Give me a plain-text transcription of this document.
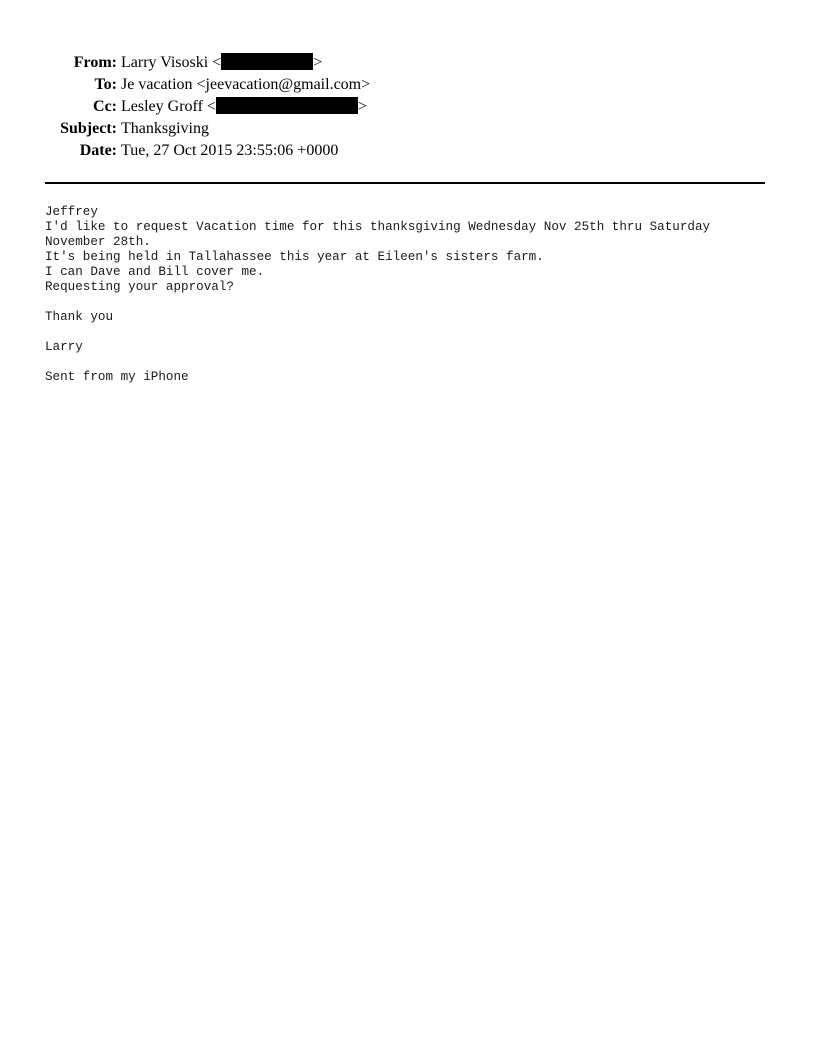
From: Larry Visoski <	>
To: Je vacation <jeevacation@gmail.com>
Cc: Lesley Groff <	>
Subject: Thanksgiving
Date: Tue, 27 Oct 2015 23:55:06 +0000
Jeffrey
I'd like to request Vacation time for this thanksgiving Wednesday Nov 25th thru Saturday
November 28th.
It's being held in Tallahassee this year at Eileen's sisters farm.
I can Dave and Bill cover me.
Requesting your approval?
Thank you
Larry
Sent from my iPhone
